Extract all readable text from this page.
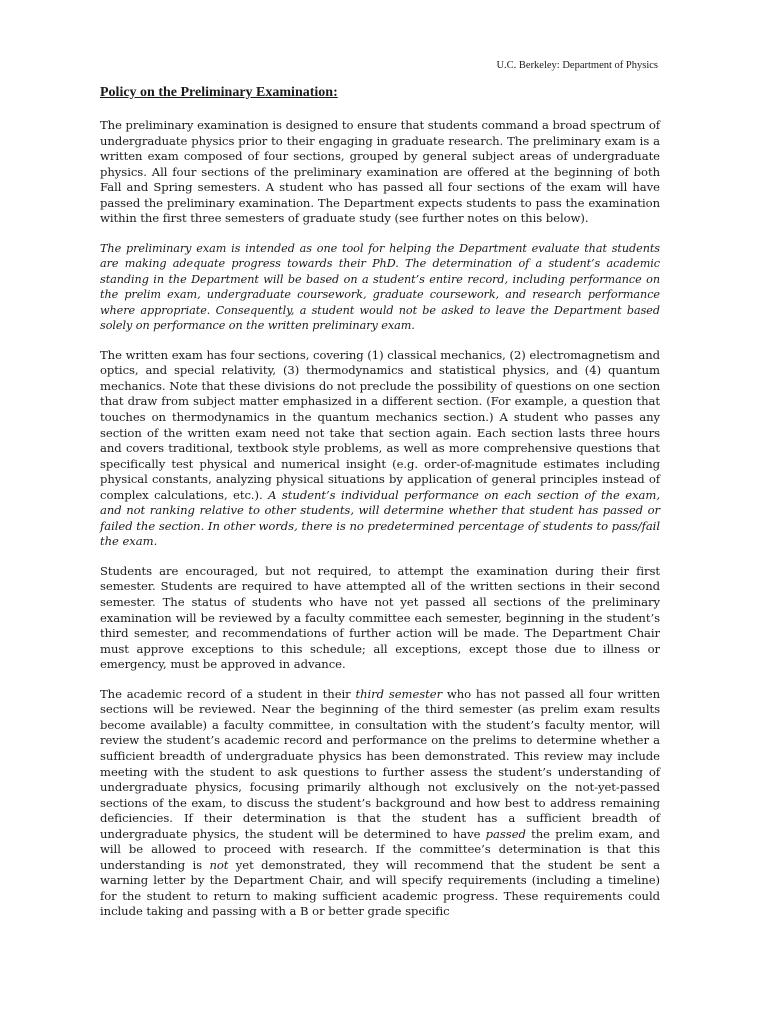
U.C. Berkeley: Department of Physics
Policy on the Preliminary Examination:

The preliminary examination is designed to ensure that students command a broad spectrum of undergraduate physics prior to their engaging in graduate research. The preliminary exam is a written exam composed of four sections, grouped by general subject areas of undergraduate physics. All four sections of the preliminary examination are offered at the beginning of both Fall and Spring semesters. A student who has passed all four sections of the exam will have passed the preliminary examination. The Department expects students to pass the examination within the first three semesters of graduate study (see further notes on this below).

The preliminary exam is intended as one tool for helping the Department evaluate that students are making adequate progress towards their PhD. The determination of a student’s academic standing in the Department will be based on a student’s entire record, including performance on the prelim exam, undergraduate coursework, graduate coursework, and research performance where appropriate. Consequently, a student would not be asked to leave the Department based solely on performance on the written preliminary exam.

The written exam has four sections, covering (1) classical mechanics, (2) electromagnetism and optics, and special relativity, (3) thermodynamics and statistical physics, and (4) quantum mechanics. Note that these divisions do not preclude the possibility of questions on one section that draw from subject matter emphasized in a different section. (For example, a question that touches on thermodynamics in the quantum mechanics section.) A student who passes any section of the written exam need not take that section again. Each section lasts three hours and covers traditional, textbook style problems, as well as more comprehensive questions that specifically test physical and numerical insight (e.g. order-of-magnitude estimates including physical constants, analyzing physical situations by application of general principles instead of complex calculations, etc.). A student’s individual performance on each section of the exam, and not ranking relative to other students, will determine whether that student has passed or failed the section. In other words, there is no predetermined percentage of students to pass/fail the exam.

Students are encouraged, but not required, to attempt the examination during their first semester. Students are required to have attempted all of the written sections in their second semester. The status of students who have not yet passed all sections of the preliminary examination will be reviewed by a faculty committee each semester, beginning in the student’s third semester, and recommendations of further action will be made. The Department Chair must approve exceptions to this schedule; all exceptions, except those due to illness or emergency, must be approved in advance.

The academic record of a student in their third semester who has not passed all four written sections will be reviewed. Near the beginning of the third semester (as prelim exam results become available) a faculty committee, in consultation with the student’s faculty mentor, will review the student’s academic record and performance on the prelims to determine whether a sufficient breadth of undergraduate physics has been demonstrated. This review may include meeting with the student to ask questions to further assess the student’s understanding of undergraduate physics, focusing primarily although not exclusively on the not-yet-passed sections of the exam, to discuss the student’s background and how best to address remaining deficiencies. If their determination is that the student has a sufficient breadth of undergraduate physics, the student will be determined to have passed the prelim exam, and will be allowed to proceed with research. If the committee’s determination is that this understanding is not yet demonstrated, they will recommend that the student be sent a warning letter by the Department Chair, and will specify requirements (including a timeline) for the student to return to making sufficient academic progress. These requirements could include taking and passing with a B or better grade specific
